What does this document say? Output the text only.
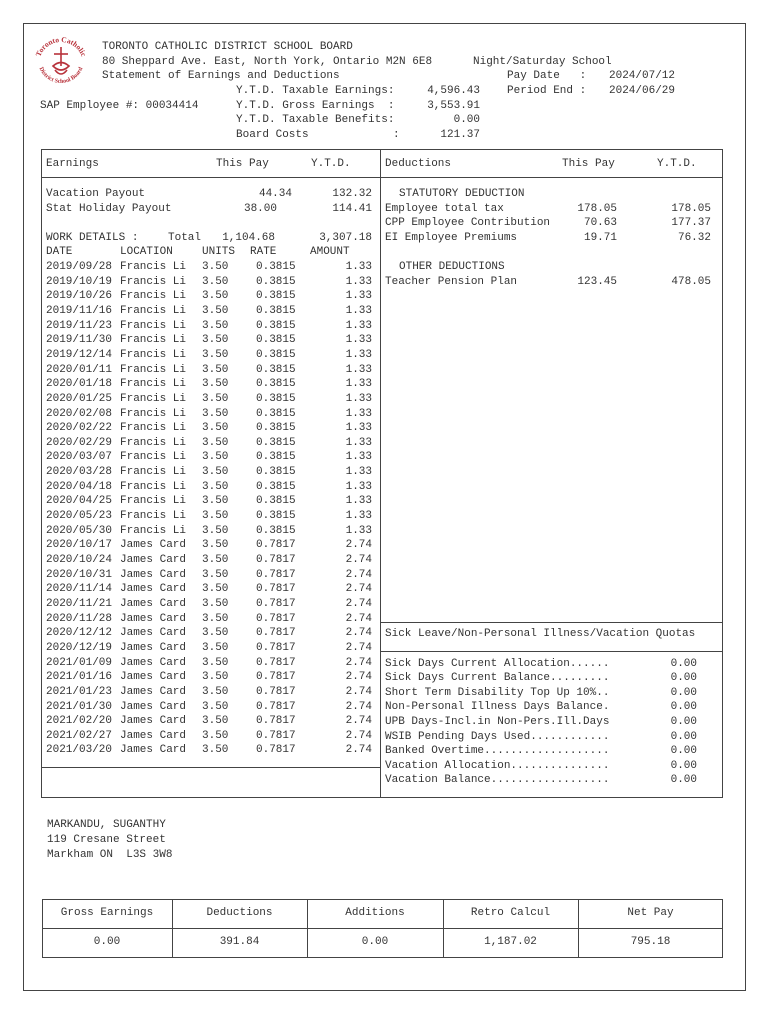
Toronto Catholic
District School Board
TORONTO CATHOLIC DISTRICT SCHOOL BOARD
80 Sheppard Ave. East, North York, Ontario M2N 6E8	Night/Saturday School
Statement of Earnings and Deductions	Pay Date   : 2024/07/12
Y.T.D. Taxable Earnings:	4,596.43 Period End : 2024/06/29
SAP Employee #: 00034414	Y.T.D. Gross Earnings  :	3,553.91
Y.T.D. Taxable Benefits:	0.00
Board Costs	:	121.37
Earnings	This Pay	Y.T.D.
Vacation Payout	44.34	132.32
Stat Holiday Payout	38.00	114.41
WORK DETAILS :	Total	1,104.68	3,307.18
DATE	LOCATION	UNITS RATE	AMOUNT
2019/09/28 Francis Li	3.50	0.3815	1.33
2019/10/19 Francis Li	3.50	0.3815	1.33
2019/10/26 Francis Li	3.50	0.3815	1.33
2019/11/16 Francis Li	3.50	0.3815	1.33
2019/11/23 Francis Li	3.50	0.3815	1.33
2019/11/30 Francis Li	3.50	0.3815	1.33
2019/12/14 Francis Li	3.50	0.3815	1.33
2020/01/11 Francis Li	3.50	0.3815	1.33
2020/01/18 Francis Li	3.50	0.3815	1.33
2020/01/25 Francis Li	3.50	0.3815	1.33
2020/02/08 Francis Li	3.50	0.3815	1.33
2020/02/22 Francis Li	3.50	0.3815	1.33
2020/02/29 Francis Li	3.50	0.3815	1.33
2020/03/07 Francis Li	3.50	0.3815	1.33
2020/03/28 Francis Li	3.50	0.3815	1.33
2020/04/18 Francis Li	3.50	0.3815	1.33
2020/04/25 Francis Li	3.50	0.3815	1.33
2020/05/23 Francis Li	3.50	0.3815	1.33
2020/05/30 Francis Li	3.50	0.3815	1.33
2020/10/17 James Card	3.50	0.7817	2.74
2020/10/24 James Card	3.50	0.7817	2.74
2020/10/31 James Card	3.50	0.7817	2.74
2020/11/14 James Card	3.50	0.7817	2.74
2020/11/21 James Card	3.50	0.7817	2.74
2020/11/28 James Card	3.50	0.7817	2.74
2020/12/12 James Card	3.50	0.7817	2.74
2020/12/19 James Card	3.50	0.7817	2.74
2021/01/09 James Card	3.50	0.7817	2.74
2021/01/16 James Card	3.50	0.7817	2.74
2021/01/23 James Card	3.50	0.7817	2.74
2021/01/30 James Card	3.50	0.7817	2.74
2021/02/20 James Card	3.50	0.7817	2.74
2021/02/27 James Card	3.50	0.7817	2.74
2021/03/20 James Card	3.50	0.7817	2.74
Deductions	This Pay	Y.T.D.
STATUTORY DEDUCTION
Employee total tax	178.05	178.05
CPP Employee Contribution	70.63	177.37
EI Employee Premiums	19.71	76.32
OTHER DEDUCTIONS
Teacher Pension Plan	123.45	478.05
Sick Leave/Non-Personal Illness/Vacation Quotas
Sick Days Current Allocation......	0.00
Sick Days Current Balance.........	0.00
Short Term Disability Top Up 10%..	0.00
Non-Personal Illness Days Balance.	0.00
UPB Days-Incl.in Non-Pers.Ill.Days	0.00
WSIB Pending Days Used............	0.00
Banked Overtime...................	0.00
Vacation Allocation...............	0.00
Vacation Balance..................	0.00
MARKANDU, SUGANTHY
119 Cresane Street
Markham ON  L3S 3W8
Gross Earnings	Deductions	Additions	Retro Calcul	Net Pay
0.00	391.84	0.00	1,187.02	795.18
